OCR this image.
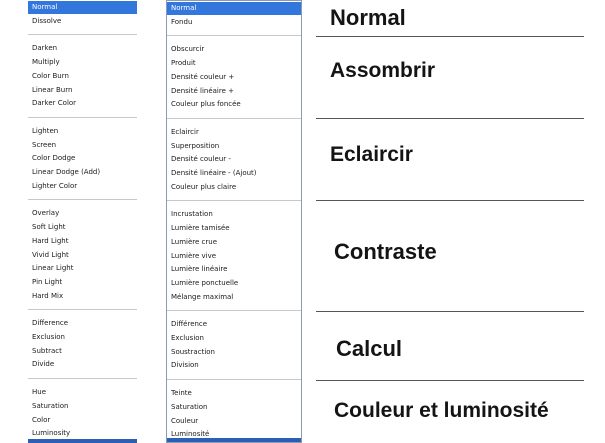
Normal
Dissolve
Darken
Multiply
Color Burn
Linear Burn
Darker Color
Lighten
Screen
Color Dodge
Linear Dodge (Add)
Lighter Color
Overlay
Soft Light
Hard Light
Vivid Light
Linear Light
Pin Light
Hard Mix
Difference
Exclusion
Subtract
Divide
Hue
Saturation
Color
Luminosity
Normal
Fondu
Obscurcir
Produit
Densité couleur +
Densité linéaire +
Couleur plus foncée
Eclaircir
Superposition
Densité couleur -
Densité linéaire - (Ajout)
Couleur plus claire
Incrustation
Lumière tamisée
Lumière crue
Lumière vive
Lumière linéaire
Lumière ponctuelle
Mélange maximal
Différence
Exclusion
Soustraction
Division
Teinte
Saturation
Couleur
Luminosité
Normal
Assombrir
Eclaircir
Contraste
Calcul
Couleur et luminosité
